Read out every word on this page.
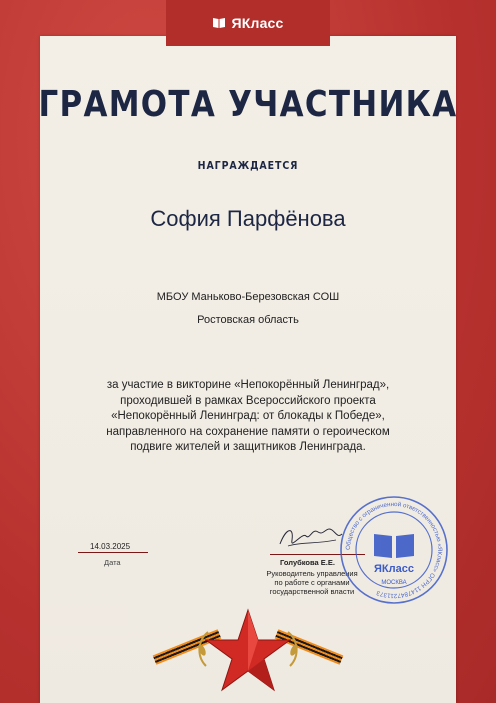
ЯКласс
ГРАМОТА УЧАСТНИКА
НАГРАЖДАЕТСЯ
София Парфёнова
МБОУ Маньково-Березовская СОШ
Ростовская область
за участие в викторине «Непокорённый Ленинград»,
проходившей в рамках Всероссийского проекта
«Непокорённый Ленинград: от блокады к Победе»,
направленного на сохранение памяти о героическом
подвиге жителей и защитников Ленинграда.
14.03.2025
Дата	Голубкова Е.Е.
Руководитель управления
по работе с органами
государственной власти
Общество с ограниченной ответственностью «ЯКласс» ОГРН 1147847211373
ЯКласс
МОСКВА
